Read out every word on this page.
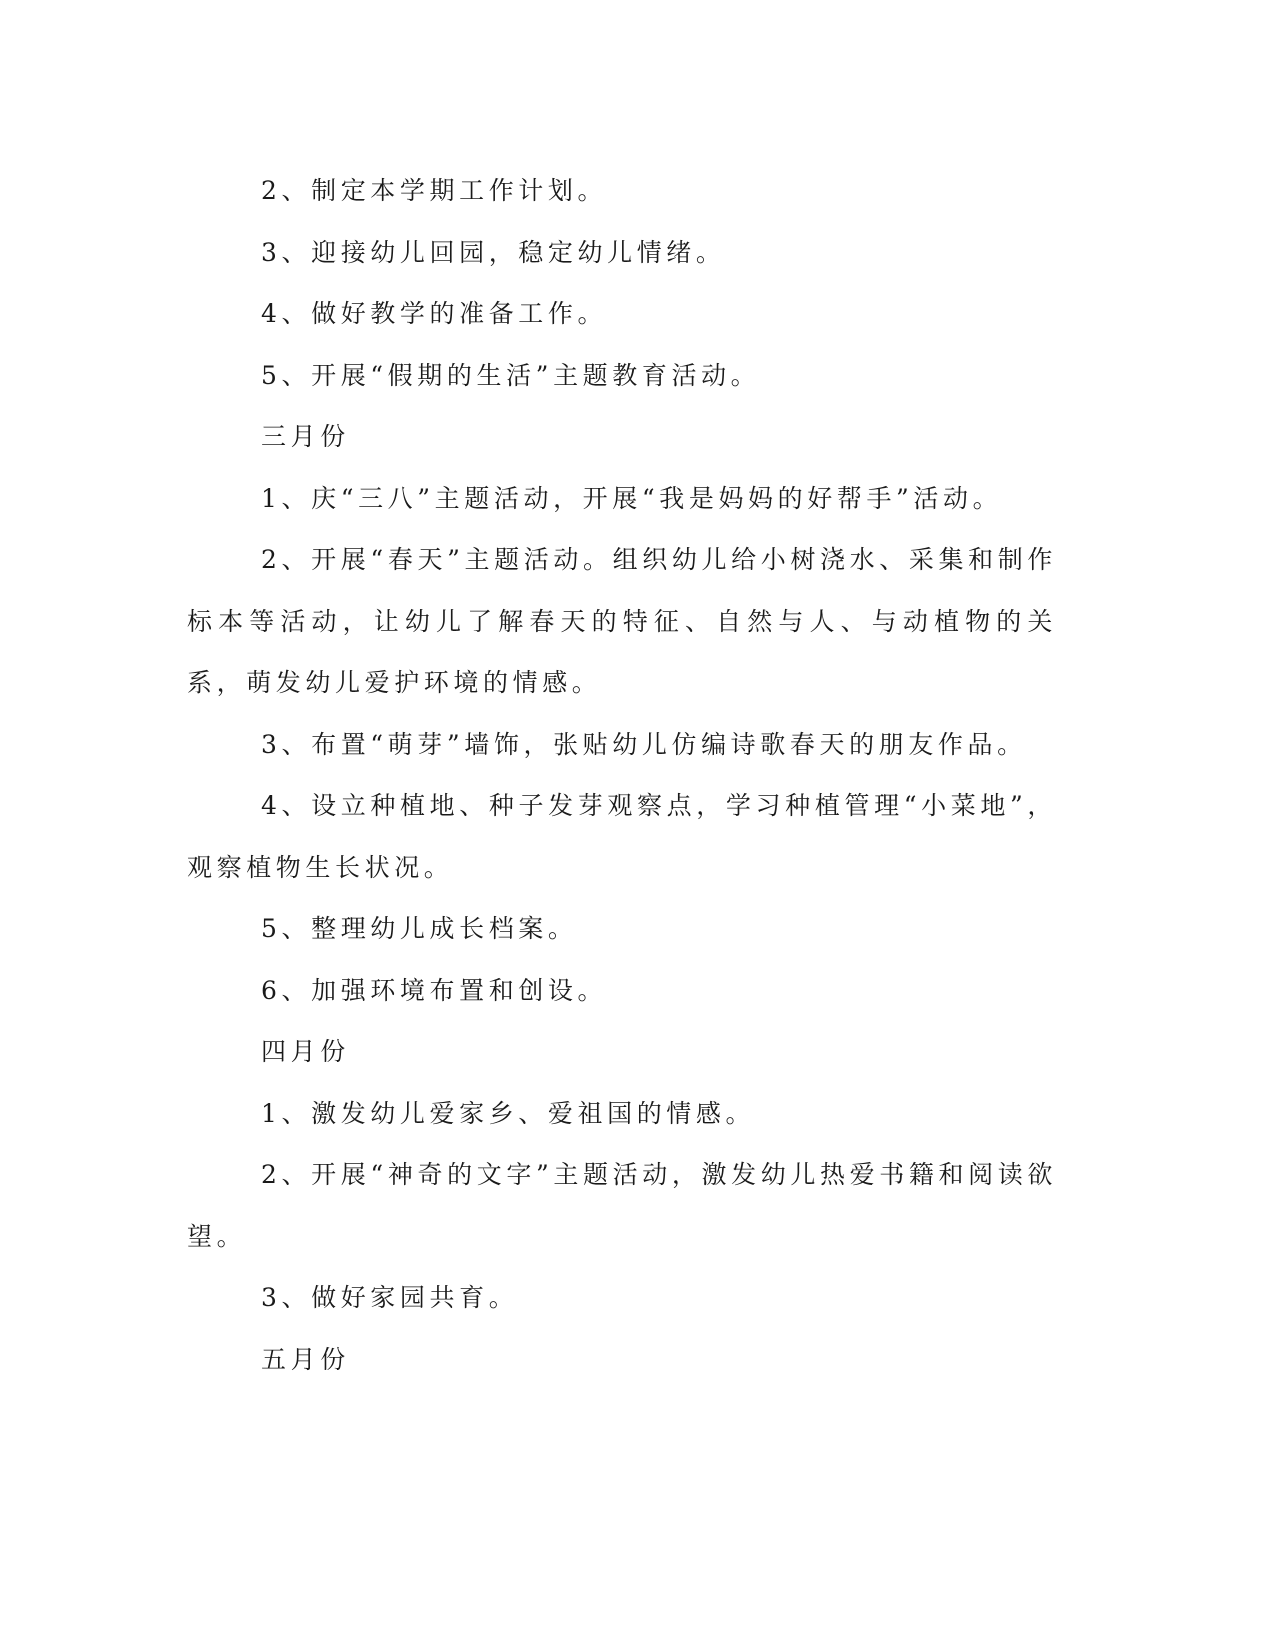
2、制定本学期工作计划。

3、迎接幼儿回园，稳定幼儿情绪。

4、做好教学的准备工作。

5、开展“假期的生活”主题教育活动。

三月份

1、庆“三八”主题活动，开展“我是妈妈的好帮手”活动。

2、开展“春天”主题活动。组织幼儿给小树浇水、采集和制作标本等活动，让幼儿了解春天的特征、自然与人、与动植物的关系，萌发幼儿爱护环境的情感。

3、布置“萌芽”墙饰，张贴幼儿仿编诗歌春天的朋友作品。

4、设立种植地、种子发芽观察点，学习种植管理“小菜地”，观察植物生长状况。

5、整理幼儿成长档案。

6、加强环境布置和创设。

四月份

1、激发幼儿爱家乡、爱祖国的情感。

2、开展“神奇的文字”主题活动，激发幼儿热爱书籍和阅读欲望。

3、做好家园共育。

五月份
